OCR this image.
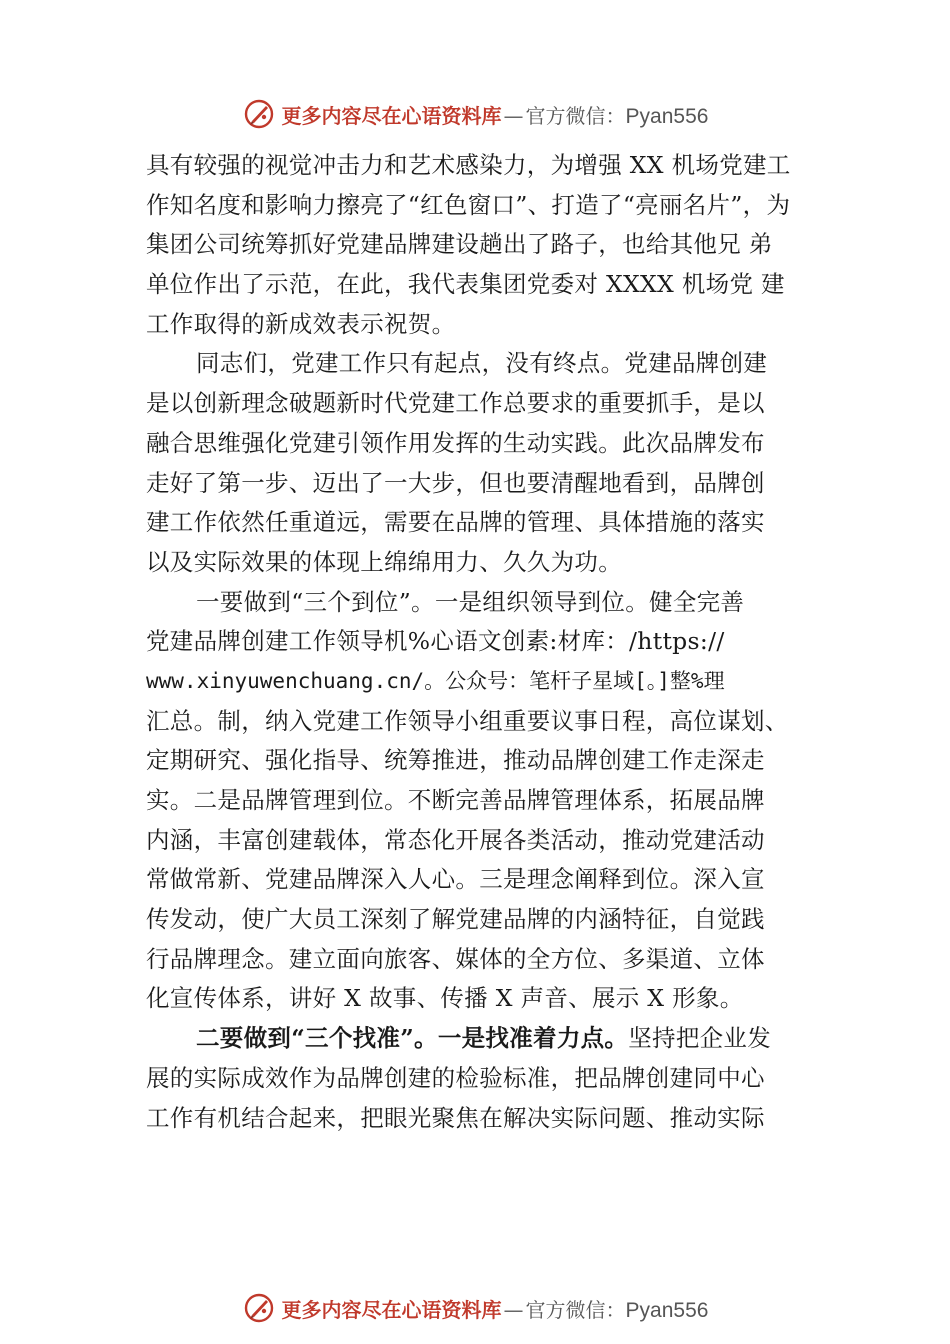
更多内容尽在心语资料库 — 官方微信： Pyan556
具有较强的视觉冲击力和艺术感染力，为增强 XX 机场党建工
作知名度和影响力擦亮了“红色窗口”、打造了“亮丽名片”，为
集团公司统筹抓好党建品牌建设趟出了路子，也给其他兄 弟
单位作出了示范，在此，我代表集团党委对 XXXX 机场党 建
工作取得的新成效表示祝贺。
同志们，党建工作只有起点，没有终点。党建品牌创建
是以创新理念破题新时代党建工作总要求的重要抓手，是以
融合思维强化党建引领作用发挥的生动实践。此次品牌发布
走好了第一步、迈出了一大步，但也要清醒地看到，品牌创
建工作依然任重道远，需要在品牌的管理、具体措施的落实
以及实际效果的体现上绵绵用力、久久为功。
一要做到“三个到位”。一是组织领导到位。健全完善
党建品牌创建工作领导机%心语文创素:材库：/https://
www.xinyuwenchuang.cn/。公众号：笔杆子星域[。]整%理
汇总。制，纳入党建工作领导小组重要议事日程，高位谋划、
定期研究、强化指导、统筹推进，推动品牌创建工作走深走
实。二是品牌管理到位。不断完善品牌管理体系，拓展品牌
内涵，丰富创建载体，常态化开展各类活动，推动党建活动
常做常新、党建品牌深入人心。三是理念阐释到位。深入宣
传发动，使广大员工深刻了解党建品牌的内涵特征，自觉践
行品牌理念。建立面向旅客、媒体的全方位、多渠道、立体
化宣传体系，讲好 X 故事、传播 X 声音、展示 X 形象。
二要做到“三个找准”。一是找准着力点。坚持把企业发
展的实际成效作为品牌创建的检验标准，把品牌创建同中心
工作有机结合起来，把眼光聚焦在解决实际问题、推动实际
更多内容尽在心语资料库 — 官方微信： Pyan556
